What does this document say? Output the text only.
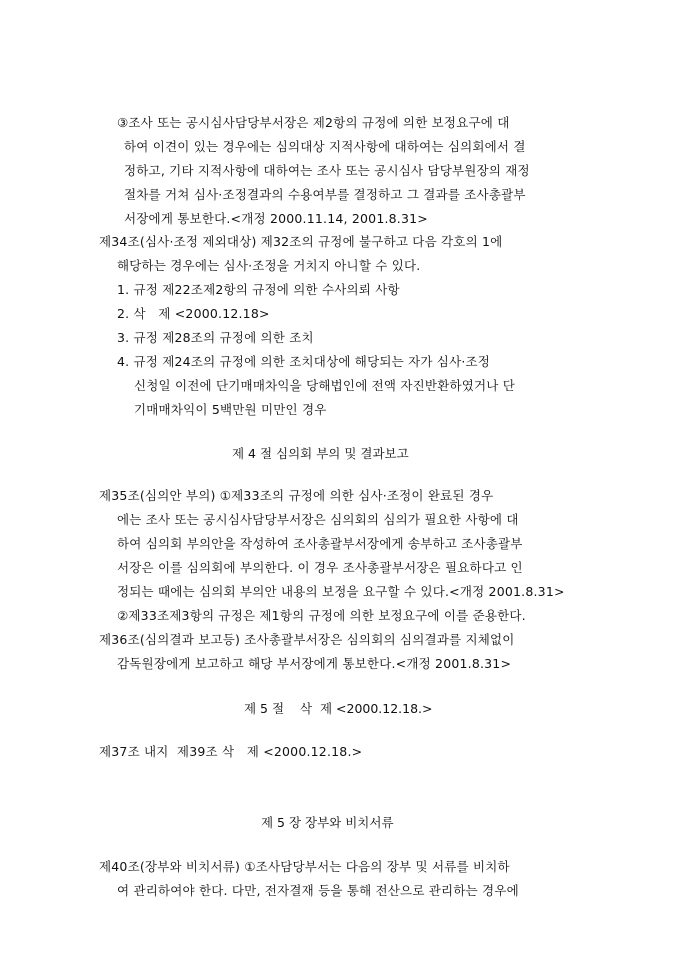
③조사 또는 공시심사담당부서장은 제2항의 규정에 의한 보정요구에 대
하여 이견이 있는 경우에는 심의대상 지적사항에 대하여는 심의회에서 결
정하고, 기타 지적사항에 대하여는 조사 또는 공시심사 담당부원장의 재정
절차를 거쳐 심사·조정결과의 수용여부를 결정하고 그 결과를 조사총괄부
서장에게 통보한다.<개정 2000.11.14, 2001.8.31>
제34조(심사·조정 제외대상) 제32조의 규정에 불구하고 다음 각호의 1에
해당하는 경우에는 심사·조정을 거치지 아니할 수 있다.
1. 규정 제22조제2항의 규정에 의한 수사의뢰 사항
2. 삭   제 <2000.12.18>
3. 규정 제28조의 규정에 의한 조치
4. 규정 제24조의 규정에 의한 조치대상에 해당되는 자가 심사·조정
신청일 이전에 단기매매차익을 당해법인에 전액 자진반환하였거나 단
기매매차익이 5백만원 미만인 경우
제 4 절 심의회 부의 및 결과보고
제35조(심의안 부의) ①제33조의 규정에 의한 심사·조정이 완료된 경우
에는 조사 또는 공시심사담당부서장은 심의회의 심의가 필요한 사항에 대
하여 심의회 부의안을 작성하여 조사총괄부서장에게 송부하고 조사총괄부
서장은 이를 심의회에 부의한다. 이 경우 조사총괄부서장은 필요하다고 인
정되는 때에는 심의회 부의안 내용의 보정을 요구할 수 있다.<개정 2001.8.31>
②제33조제3항의 규정은 제1항의 규정에 의한 보정요구에 이를 준용한다.
제36조(심의결과 보고등) 조사총괄부서장은 심의회의 심의결과를 지체없이
감독원장에게 보고하고 해당 부서장에게 통보한다.<개정 2001.8.31>
제 5 절    삭  제 <2000.12.18.>
제37조 내지  제39조 삭   제 <2000.12.18.>
제 5 장 장부와 비치서류
제40조(장부와 비치서류) ①조사담당부서는 다음의 장부 및 서류를 비치하
여 관리하여야 한다. 다만, 전자결재 등을 통해 전산으로 관리하는 경우에
